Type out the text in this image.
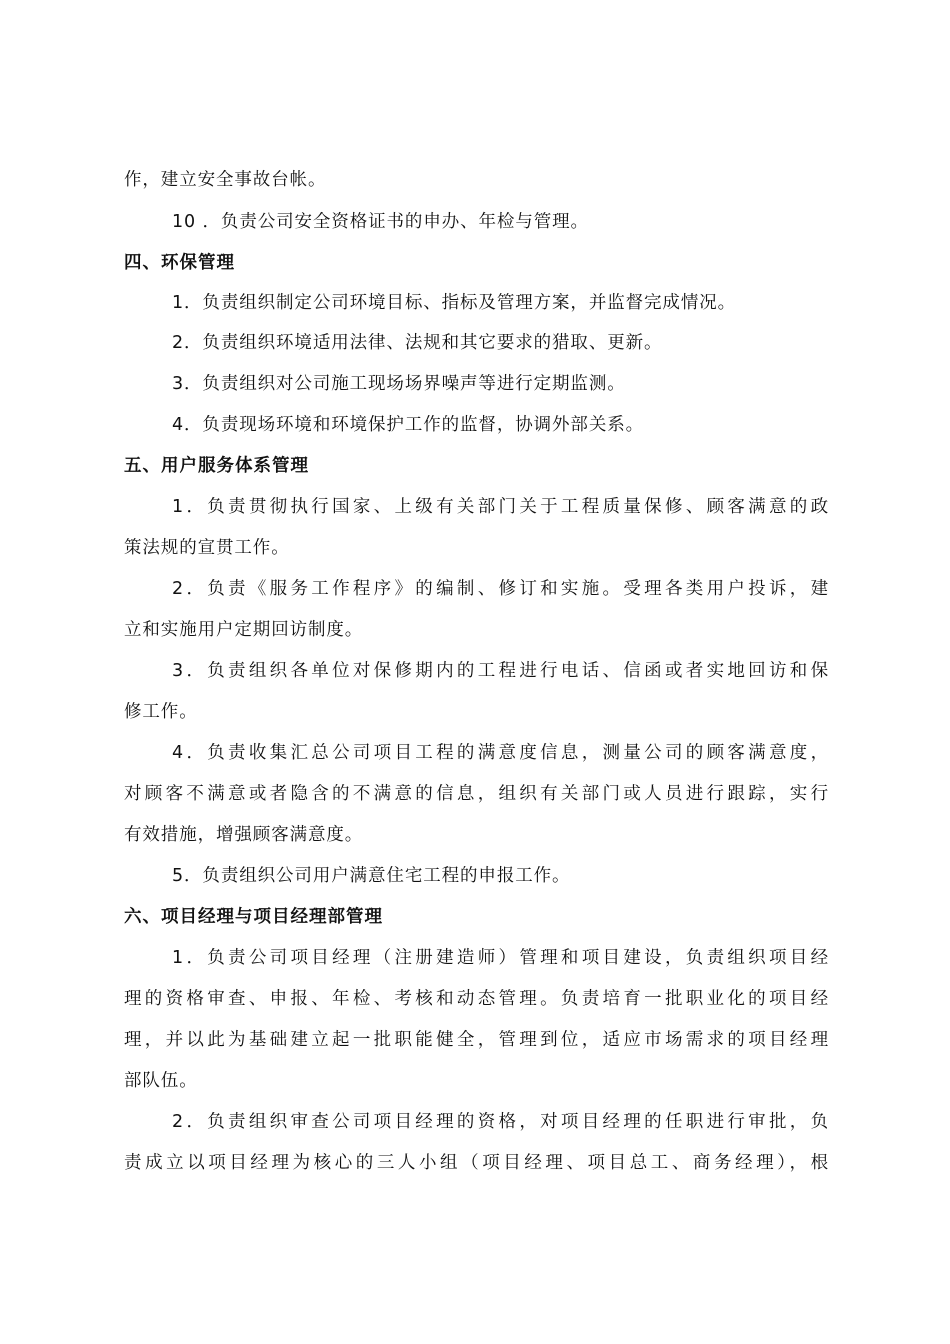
作，建立安全事故台帐。
10 ．负责公司安全资格证书的申办、年检与管理。
四、环保管理
1．负责组织制定公司环境目标、指标及管理方案，并监督完成情况。
2．负责组织环境适用法律、法规和其它要求的猎取、更新。
3．负责组织对公司施工现场场界噪声等进行定期监测。
4．负责现场环境和环境保护工作的监督，协调外部关系。
五、用户服务体系管理
1．负责贯彻执行国家、上级有关部门关于工程质量保修、顾客满意的政
策法规的宣贯工作。
2．负责《服务工作程序》的编制、修订和实施。受理各类用户投诉，建
立和实施用户定期回访制度。
3．负责组织各单位对保修期内的工程进行电话、信函或者实地回访和保
修工作。
4．负责收集汇总公司项目工程的满意度信息，测量公司的顾客满意度，
对顾客不满意或者隐含的不满意的信息，组织有关部门或人员进行跟踪，实行
有效措施，增强顾客满意度。
5．负责组织公司用户满意住宅工程的申报工作。
六、项目经理与项目经理部管理
1．负责公司项目经理（注册建造师）管理和项目建设，负责组织项目经
理的资格审查、申报、年检、考核和动态管理。负责培育一批职业化的项目经
理，并以此为基础建立起一批职能健全，管理到位，适应市场需求的项目经理
部队伍。
2．负责组织审查公司项目经理的资格，对项目经理的任职进行审批，负
责成立以项目经理为核心的三人小组（项目经理、项目总工、商务经理），根
